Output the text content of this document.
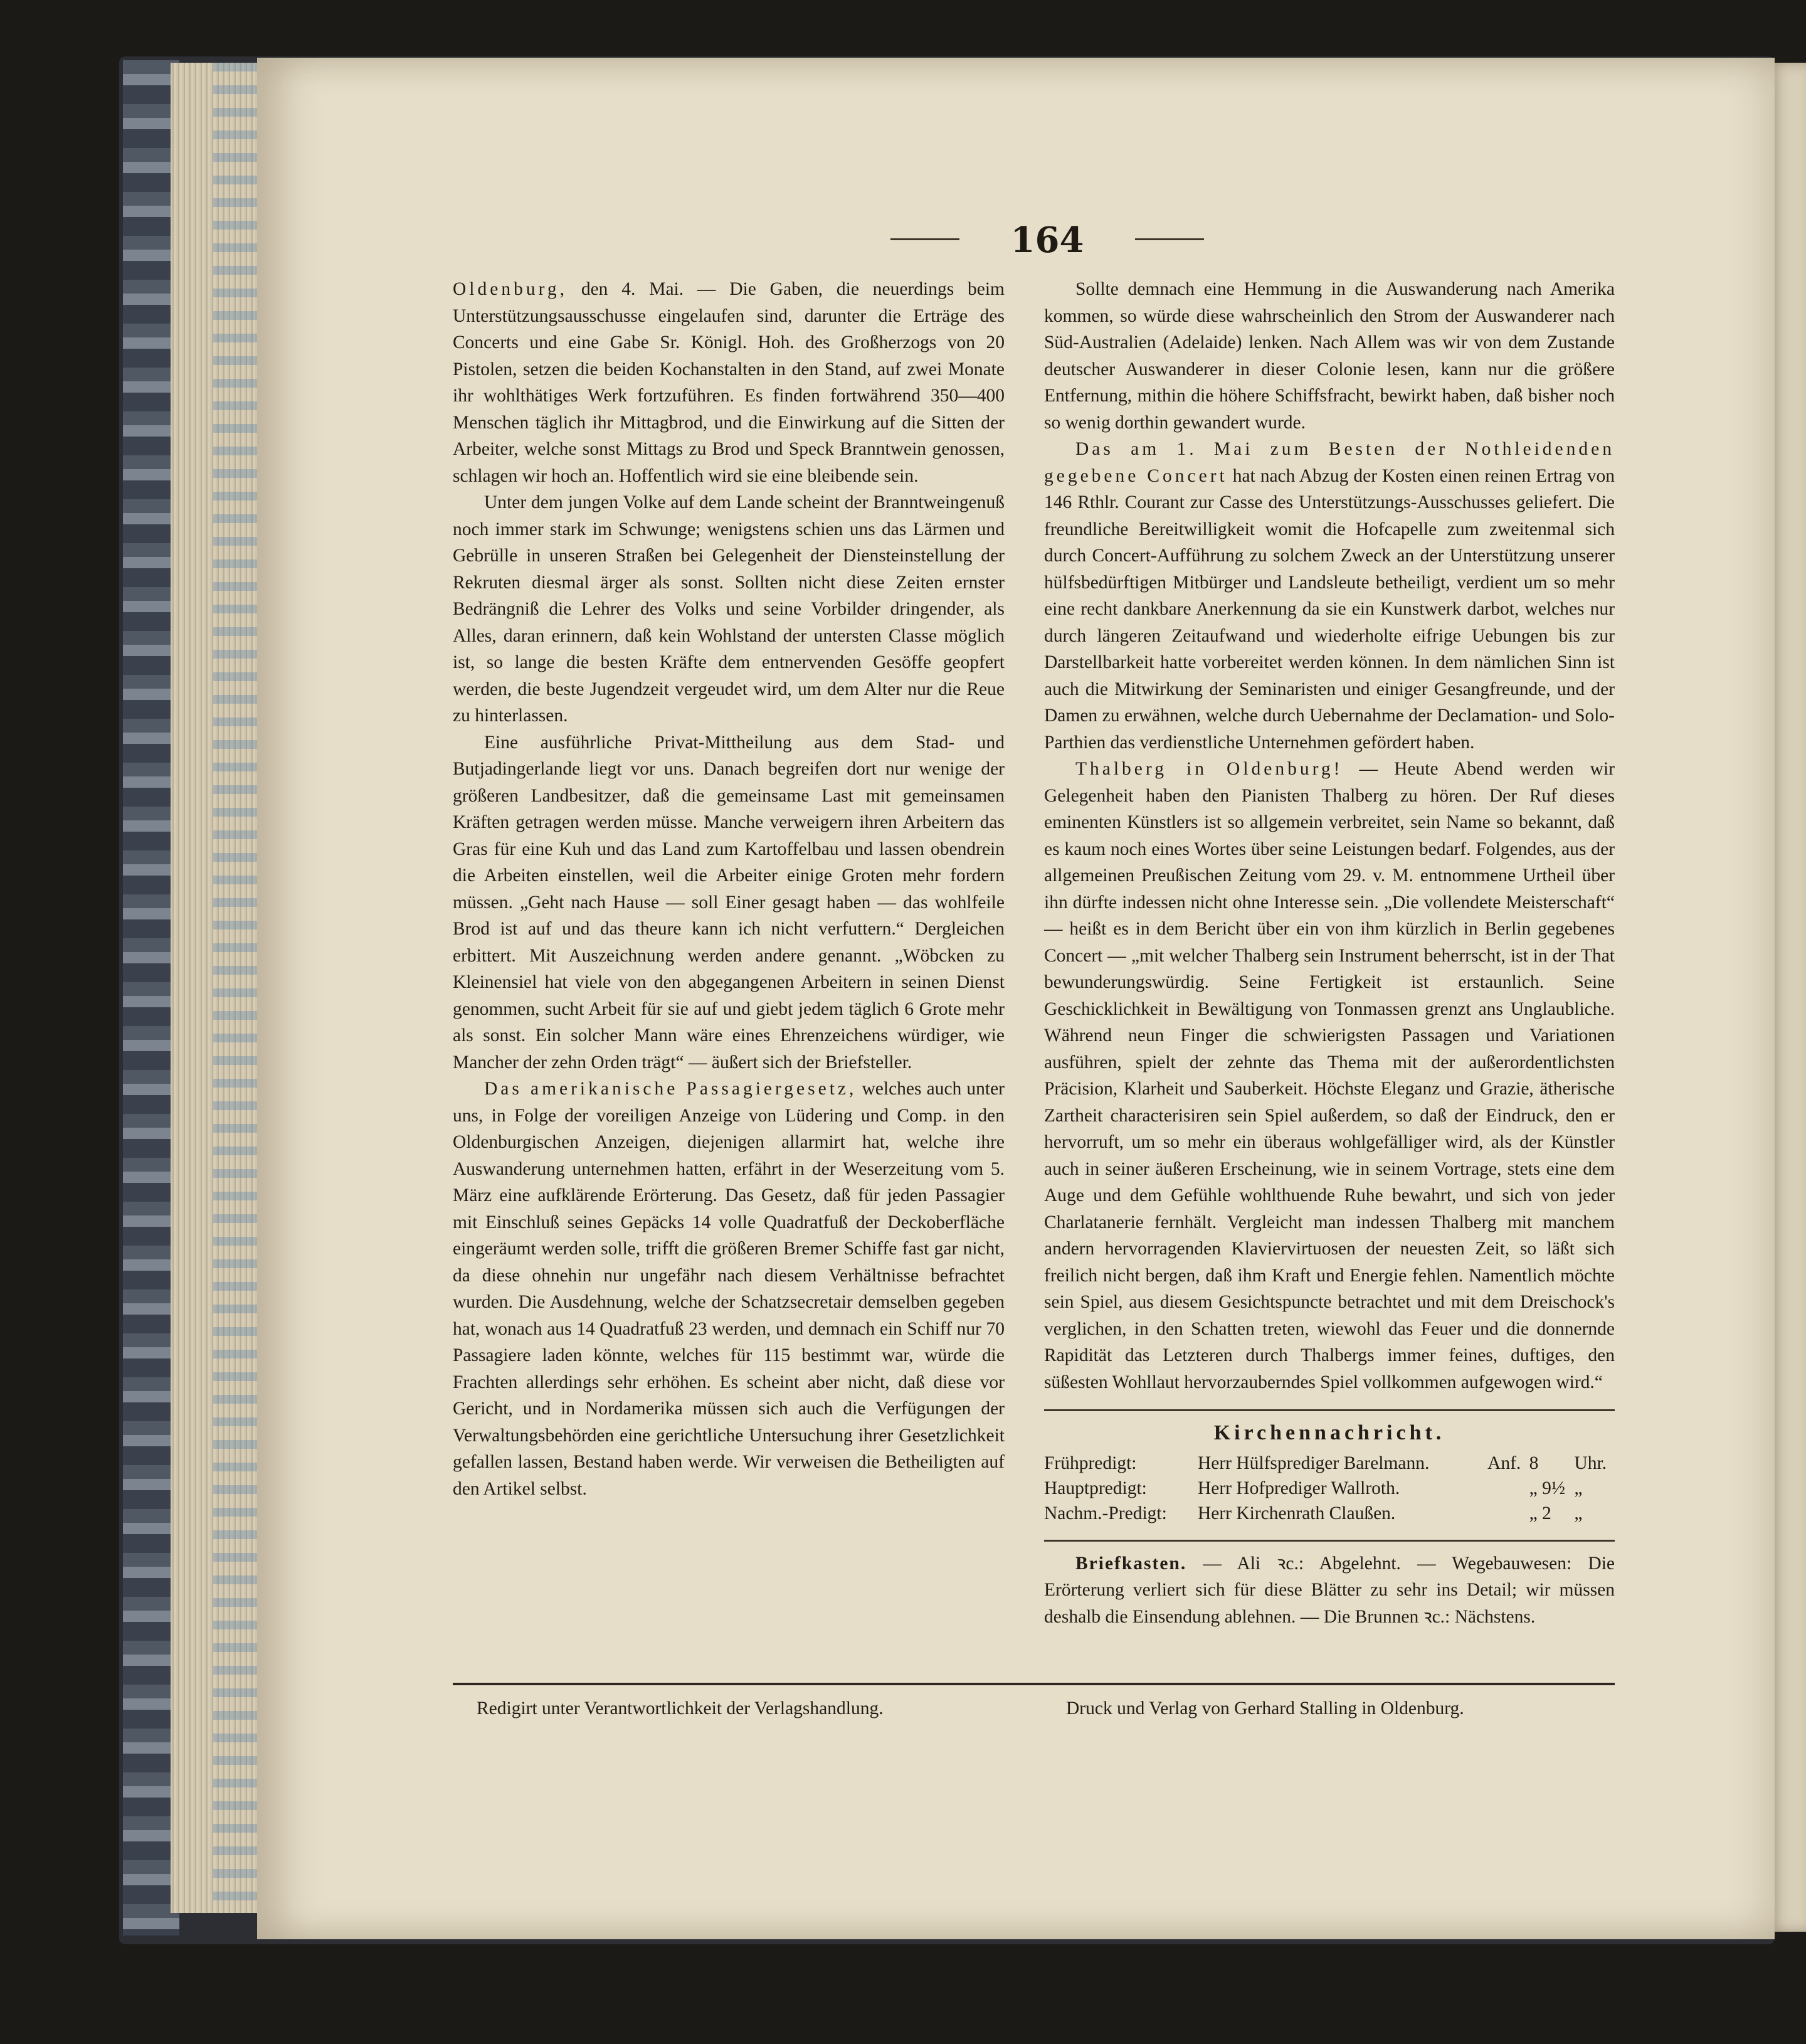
164

Oldenburg, den 4. Mai. — Die Gaben, die neuerdings beim Unterstützungsausschusse eingelaufen sind, darunter die Erträge des Concerts und eine Gabe Sr. Königl. Hoh. des Großherzogs von 20 Pistolen, setzen die beiden Kochanstalten in den Stand, auf zwei Monate ihr wohlthätiges Werk fortzuführen. Es finden fortwährend 350—400 Menschen täglich ihr Mittagbrod, und die Einwirkung auf die Sitten der Arbeiter, welche sonst Mittags zu Brod und Speck Branntwein genossen, schlagen wir hoch an. Hoffentlich wird sie eine bleibende sein.

Unter dem jungen Volke auf dem Lande scheint der Branntweingenuß noch immer stark im Schwunge; wenigstens schien uns das Lärmen und Gebrülle in unseren Straßen bei Gelegenheit der Diensteinstellung der Rekruten diesmal ärger als sonst. Sollten nicht diese Zeiten ernster Bedrängniß die Lehrer des Volks und seine Vorbilder dringender, als Alles, daran erinnern, daß kein Wohlstand der untersten Classe möglich ist, so lange die besten Kräfte dem entnervenden Gesöffe geopfert werden, die beste Jugendzeit vergeudet wird, um dem Alter nur die Reue zu hinterlassen.

Eine ausführliche Privat-Mittheilung aus dem Stad- und Butjadingerlande liegt vor uns. Danach begreifen dort nur wenige der größeren Landbesitzer, daß die gemeinsame Last mit gemeinsamen Kräften getragen werden müsse. Manche verweigern ihren Arbeitern das Gras für eine Kuh und das Land zum Kartoffelbau und lassen obendrein die Arbeiten einstellen, weil die Arbeiter einige Groten mehr fordern müssen. „Geht nach Hause — soll Einer gesagt haben — das wohlfeile Brod ist auf und das theure kann ich nicht verfuttern.“ Dergleichen erbittert. Mit Auszeichnung werden andere genannt. „Wöbcken zu Kleinensiel hat viele von den abgegangenen Arbeitern in seinen Dienst genommen, sucht Arbeit für sie auf und giebt jedem täglich 6 Grote mehr als sonst. Ein solcher Mann wäre eines Ehrenzeichens würdiger, wie Mancher der zehn Orden trägt“ — äußert sich der Briefsteller.

Das amerikanische Passagiergesetz, welches auch unter uns, in Folge der voreiligen Anzeige von Lüdering und Comp. in den Oldenburgischen Anzeigen, diejenigen allarmirt hat, welche ihre Auswanderung unternehmen hatten, erfährt in der Weserzeitung vom 5. März eine aufklärende Erörterung. Das Gesetz, daß für jeden Passagier mit Einschluß seines Gepäcks 14 volle Quadratfuß der Deckoberfläche eingeräumt werden solle, trifft die größeren Bremer Schiffe fast gar nicht, da diese ohnehin nur ungefähr nach diesem Verhältnisse befrachtet wurden. Die Ausdehnung, welche der Schatzsecretair demselben gegeben hat, wonach aus 14 Quadratfuß 23 werden, und demnach ein Schiff nur 70 Passagiere laden könnte, welches für 115 bestimmt war, würde die Frachten allerdings sehr erhöhen. Es scheint aber nicht, daß diese vor Gericht, und in Nordamerika müssen sich auch die Verfügungen der Verwaltungsbehörden eine gerichtliche Untersuchung ihrer Gesetzlichkeit gefallen lassen, Bestand haben werde. Wir verweisen die Betheiligten auf den Artikel selbst.

Sollte demnach eine Hemmung in die Auswanderung nach Amerika kommen, so würde diese wahrscheinlich den Strom der Auswanderer nach Süd-Australien (Adelaide) lenken. Nach Allem was wir von dem Zustande deutscher Auswanderer in dieser Colonie lesen, kann nur die größere Entfernung, mithin die höhere Schiffsfracht, bewirkt haben, daß bisher noch so wenig dorthin gewandert wurde.

Das am 1. Mai zum Besten der Nothleidenden gegebene Concert hat nach Abzug der Kosten einen reinen Ertrag von 146 Rthlr. Courant zur Casse des Unterstützungs-Ausschusses geliefert. Die freundliche Bereitwilligkeit womit die Hofcapelle zum zweitenmal sich durch Concert-Aufführung zu solchem Zweck an der Unterstützung unserer hülfsbedürftigen Mitbürger und Landsleute betheiligt, verdient um so mehr eine recht dankbare Anerkennung da sie ein Kunstwerk darbot, welches nur durch längeren Zeitaufwand und wiederholte eifrige Uebungen bis zur Darstellbarkeit hatte vorbereitet werden können. In dem nämlichen Sinn ist auch die Mitwirkung der Seminaristen und einiger Gesangfreunde, und der Damen zu erwähnen, welche durch Uebernahme der Declamation- und Solo-Parthien das verdienstliche Unternehmen gefördert haben.

Thalberg in Oldenburg! — Heute Abend werden wir Gelegenheit haben den Pianisten Thalberg zu hören. Der Ruf dieses eminenten Künstlers ist so allgemein verbreitet, sein Name so bekannt, daß es kaum noch eines Wortes über seine Leistungen bedarf. Folgendes, aus der allgemeinen Preußischen Zeitung vom 29. v. M. entnommene Urtheil über ihn dürfte indessen nicht ohne Interesse sein. „Die vollendete Meisterschaft“ — heißt es in dem Bericht über ein von ihm kürzlich in Berlin gegebenes Concert — „mit welcher Thalberg sein Instrument beherrscht, ist in der That bewunderungswürdig. Seine Fertigkeit ist erstaunlich. Seine Geschicklichkeit in Bewältigung von Tonmassen grenzt ans Unglaubliche. Während neun Finger die schwierigsten Passagen und Variationen ausführen, spielt der zehnte das Thema mit der außerordentlichsten Präcision, Klarheit und Sauberkeit. Höchste Eleganz und Grazie, ätherische Zartheit characterisiren sein Spiel außerdem, so daß der Eindruck, den er hervorruft, um so mehr ein überaus wohlgefälliger wird, als der Künstler auch in seiner äußeren Erscheinung, wie in seinem Vortrage, stets eine dem Auge und dem Gefühle wohlthuende Ruhe bewahrt, und sich von jeder Charlatanerie fernhält. Vergleicht man indessen Thalberg mit manchem andern hervorragenden Klaviervirtuosen der neuesten Zeit, so läßt sich freilich nicht bergen, daß ihm Kraft und Energie fehlen. Namentlich möchte sein Spiel, aus diesem Gesichtspuncte betrachtet und mit dem Dreischock's verglichen, in den Schatten treten, wiewohl das Feuer und die donnernde Rapidität das Letzteren durch Thalbergs immer feines, duftiges, den süßesten Wohllaut hervorzauberndes Spiel vollkommen aufgewogen wird.“

Kirchennachricht.
Frühpredigt:	Herr Hülfsprediger Barelmann.	Anf.	8	Uhr.
Hauptpredigt:	Herr Hofprediger Wallroth.		„ 9½	„
Nachm.-Predigt:	Herr Kirchenrath Claußen.		„ 2	„

Briefkasten. — Ali ꝛc.: Abgelehnt. — Wegebauwesen: Die Erörterung verliert sich für diese Blätter zu sehr ins Detail; wir müssen deshalb die Einsendung ablehnen. — Die Brunnen ꝛc.: Nächstens.

Redigirt unter Verantwortlichkeit der Verlagshandlung.	Druck und Verlag von Gerhard Stalling in Oldenburg.
